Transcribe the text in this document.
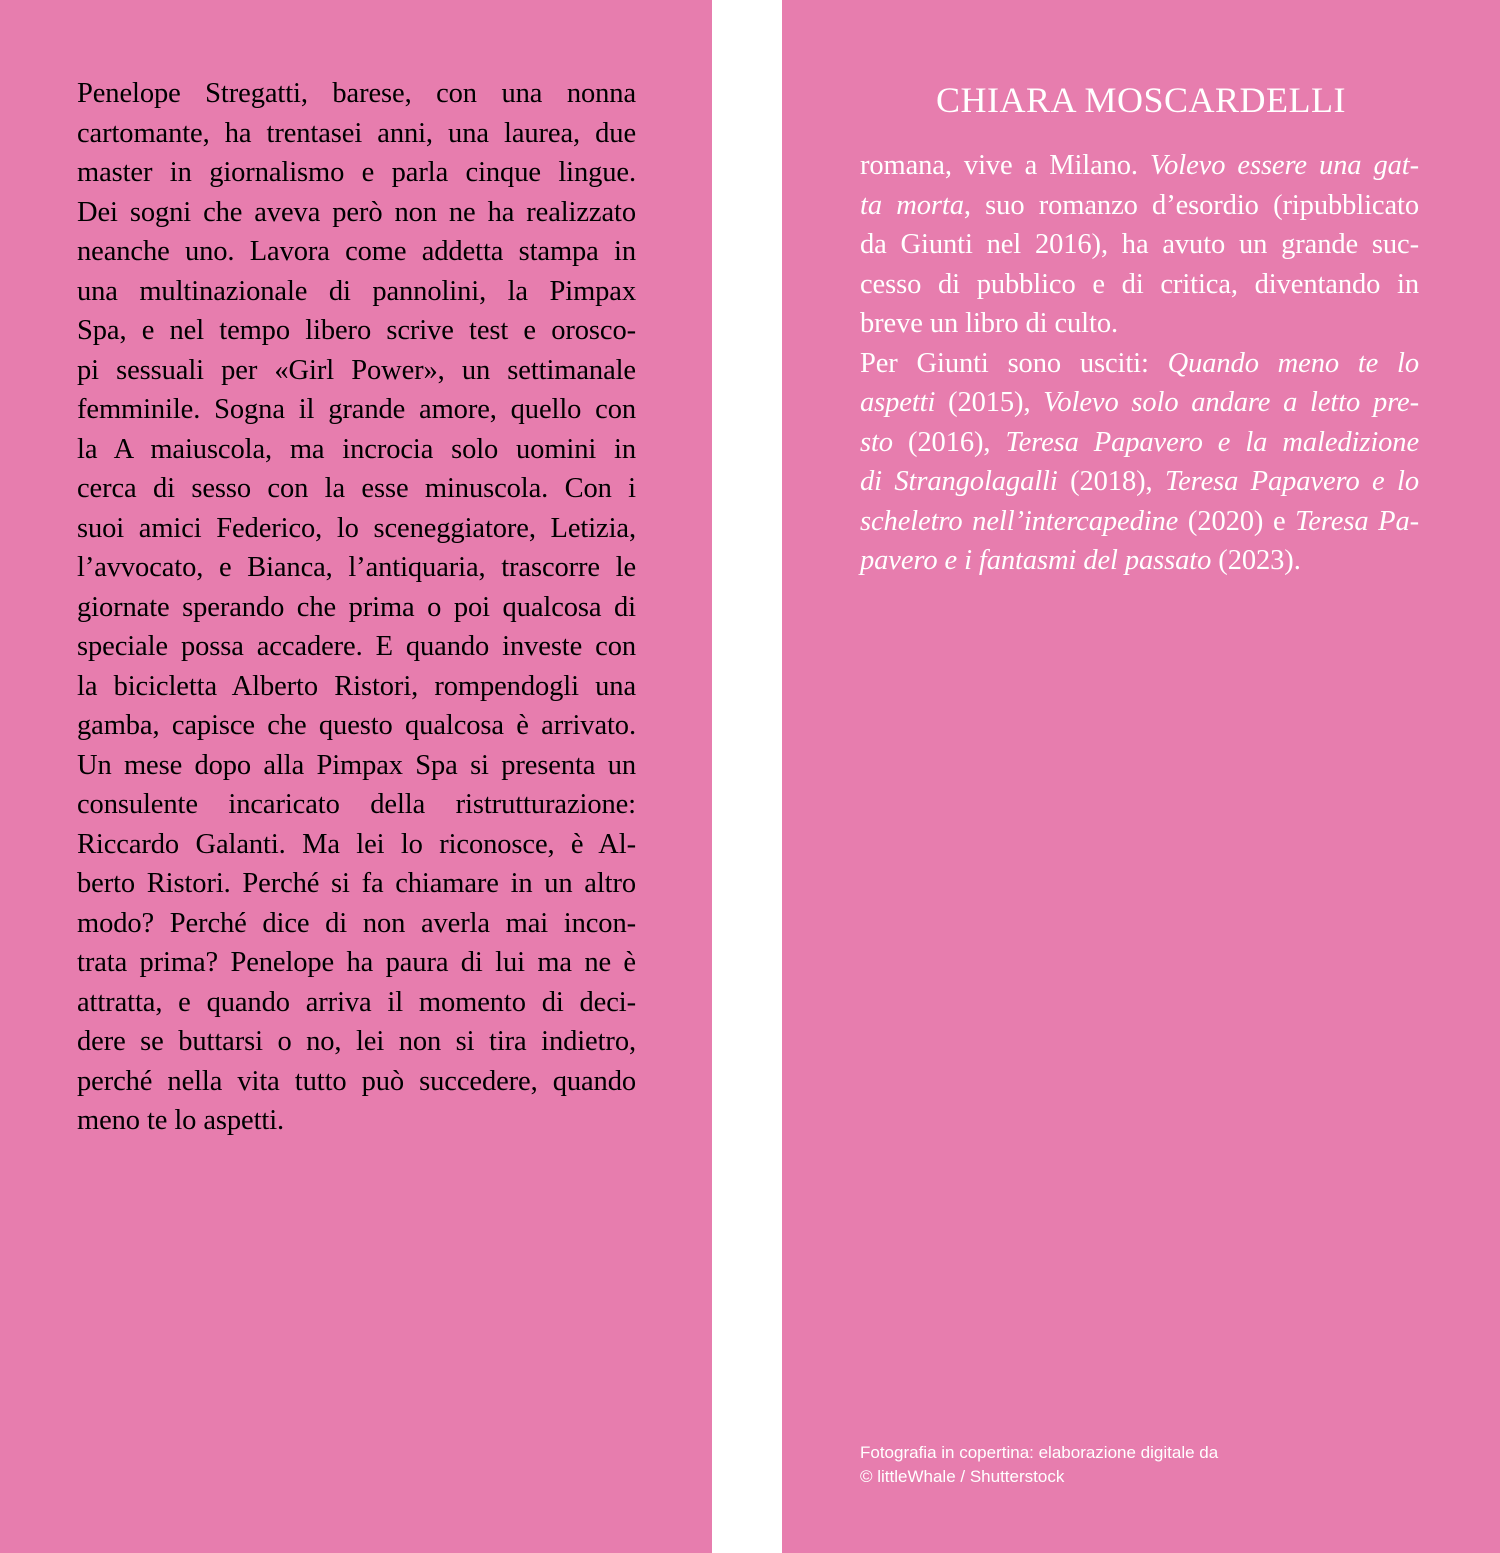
Penelope Stregatti, barese, con una nonna
cartomante, ha trentasei anni, una laurea, due
master in giornalismo e parla cinque lingue.
Dei sogni che aveva però non ne ha realizzato
neanche uno. Lavora come addetta stampa in
una multinazionale di pannolini, la Pimpax
Spa, e nel tempo libero scrive test e orosco-
pi sessuali per «Girl Power», un settimanale
femminile. Sogna il grande amore, quello con
la A maiuscola, ma incrocia solo uomini in
cerca di sesso con la esse minuscola. Con i
suoi amici Federico, lo sceneggiatore, Letizia,
l’avvocato, e Bianca, l’antiquaria, trascorre le
giornate sperando che prima o poi qualcosa di
speciale possa accadere. E quando investe con
la bicicletta Alberto Ristori, rompendogli una
gamba, capisce che questo qualcosa è arrivato.
Un mese dopo alla Pimpax Spa si presenta un
consulente incaricato della ristrutturazione:
Riccardo Galanti. Ma lei lo riconosce, è Al-
berto Ristori. Perché si fa chiamare in un altro
modo? Perché dice di non averla mai incon-
trata prima? Penelope ha paura di lui ma ne è
attratta, e quando arriva il momento di deci-
dere se buttarsi o no, lei non si tira indietro,
perché nella vita tutto può succedere, quando
meno te lo aspetti.

CHIARA MOSCARDELLI
romana, vive a Milano. Volevo essere una gat-
ta morta, suo romanzo d’esordio (ripubblicato
da Giunti nel 2016), ha avuto un grande suc-
cesso di pubblico e di critica, diventando in
breve un libro di culto.
Per Giunti sono usciti: Quando meno te lo
aspetti (2015), Volevo solo andare a letto pre-
sto (2016), Teresa Papavero e la maledizione
di Strangolagalli (2018), Teresa Papavero e lo
scheletro nell’intercapedine (2020) e Teresa Pa-
pavero e i fantasmi del passato (2023).
Fotografia in copertina: elaborazione digitale da
© littleWhale / Shutterstock
